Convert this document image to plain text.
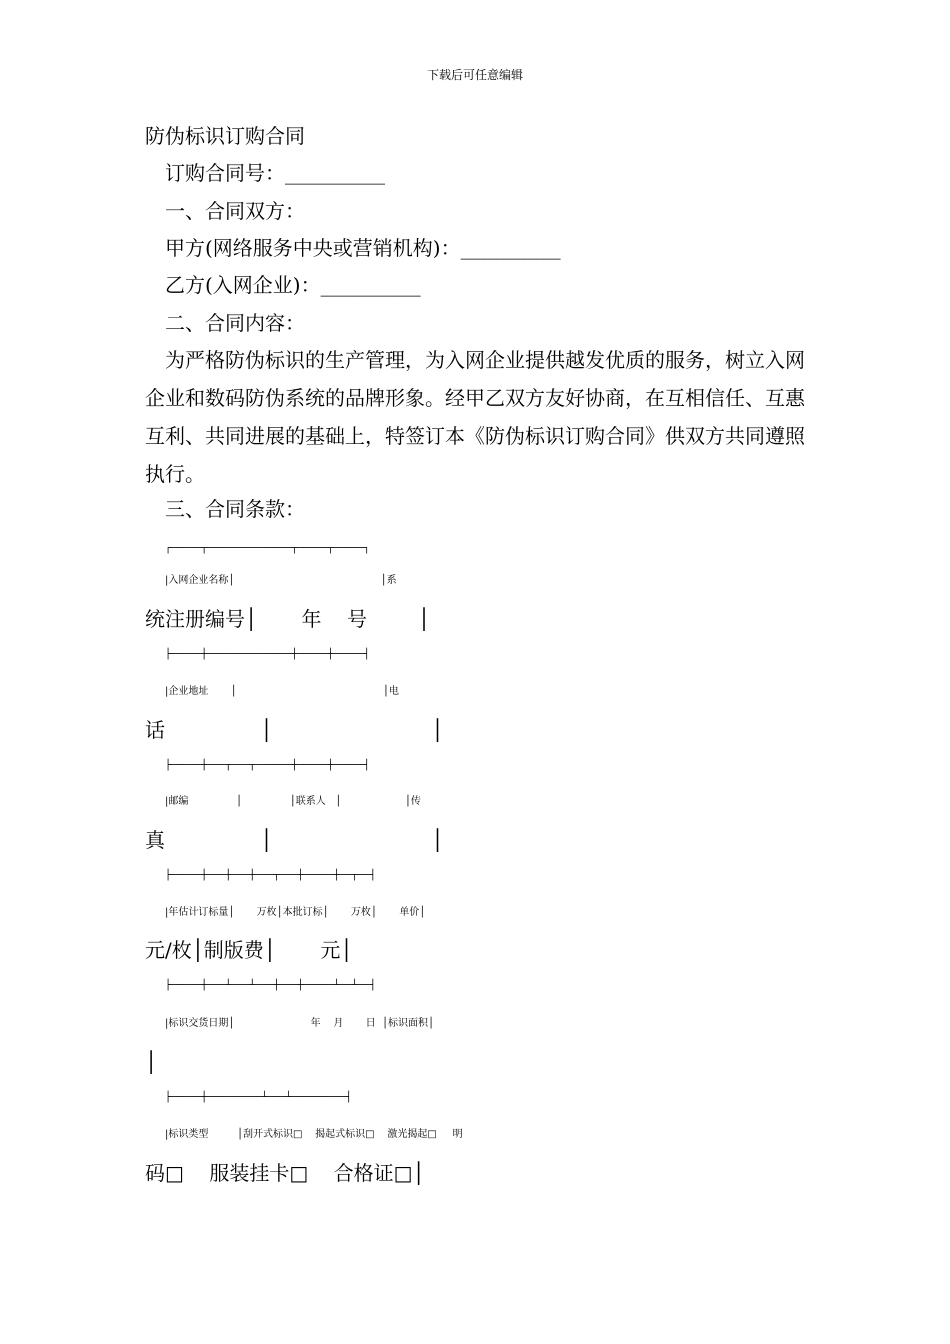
下载后可任意编辑
防伪标识订购合同
订购合同号：__________
一、合同双方：
甲方(网络服务中央或营销机构)：__________
乙方(入网企业)：__________
二、合同内容：
为严格防伪标识的生产管理，为入网企业提供越发优质的服务，树立入网企业和数码防伪系统的品牌形象。经甲乙双方友好协商，在互相信任、互惠互利、共同进展的基础上，特签订本《防伪标识订购合同》供双方共同遵照执行。
三、合同条款：
┌─────┬──────────────┬─────┬─────┐
|入网企业名称│                                              │系
统注册编号│       年    号        │
├─────┼──────────────┼─────┼─────┤
|企业地址       │                                              │电
话               │                         │
├─────┼───┬───┬──────┼─────┼─────┤
|邮编               │               │联系人   │                    │传
真               │                         │
├─────┼───┼───┼───┬───┼─────┼──┬──┤
|年估计订标量│       万枚│本批订标│       万枚│       单价│
元/枚│制版费│       元│
├─────┼───┴───┴───┼───┼─────┴──┴──┤
|标识交货日期│                        年    月       日  │标识面积│
│
├─────┼─────────┴───┴─────────┤
|标识类型         │刮开式标识□    揭起式标识□    激光揭起□     明
码□    服装挂卡□    合格证□│
